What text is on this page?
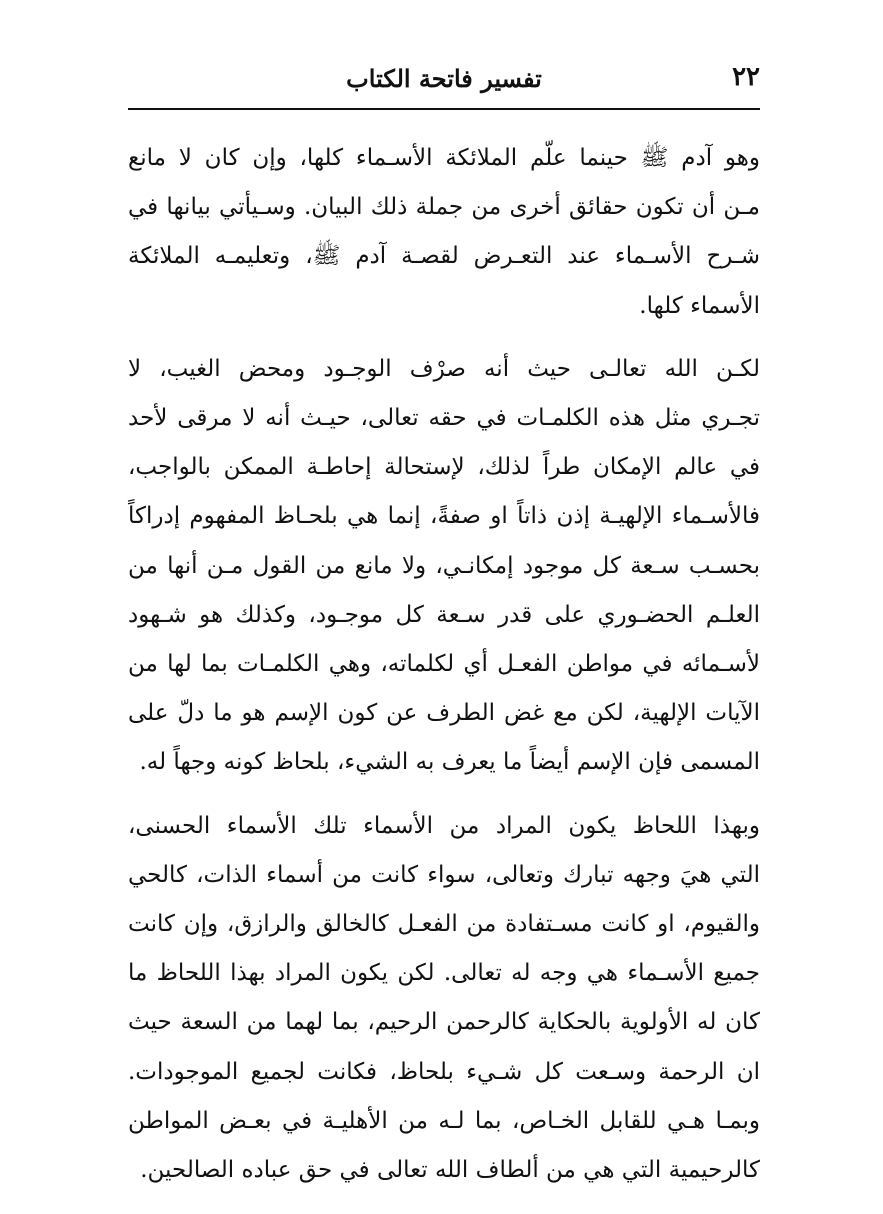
٢٢
تفسير فاتحة الكتاب

وهو آدم ﷺ حينما علّم الملائكة الأسـماء كلها، وإن كان لا مانع
مـن أن تكون حقائق أخرى من جملة ذلك البيان. وسـيأتي بيانها في
شـرح الأسـماء عند التعـرض لقصـة آدم ﷺ، وتعليمـه الملائكة
الأسماء كلها.

لكـن الله تعالـى حيث أنه صرْف الوجـود ومحض الغيب، لا
تجـري مثل هذه الكلمـات في حقه تعالى، حيـث أنه لا مرقى لأحد
في عالم الإمكان طراً لذلك، لإستحالة إحاطـة الممكن بالواجب،
فالأسـماء الإلهيـة إذن ذاتاً او صفةً، إنما هي بلحـاظ المفهوم إدراكاً
بحسـب سـعة كل موجود إمكانـي، ولا مانع من القول مـن أنها من
العلـم الحضـوري على قدر سـعة كل موجـود، وكذلك هو شـهود
لأسـمائه في مواطن الفعـل أي لكلماته، وهي الكلمـات بما لها من
الآيات الإلهية، لكن مع غض الطرف عن كون الإسم هو ما دلّ على
المسمى فإن الإسم أيضاً ما يعرف به الشيء، بلحاظ كونه وجهاً له.

وبهذا اللحاظ يكون المراد من الأسماء تلك الأسماء الحسنى،
التي هيَ وجهه تبارك وتعالى، سواء كانت من أسماء الذات، كالحي
والقيوم، او كانت مسـتفادة من الفعـل كالخالق والرازق، وإن كانت
جميع الأسـماء هي وجه له تعالى. لكن يكون المراد بهذا اللحاظ ما
كان له الأولوية بالحكاية كالرحمن الرحيم، بما لهما من السعة حيث
ان الرحمة وسـعت كل شـيء بلحاظ، فكانت لجميع الموجودات.
وبمـا هـي للقابل الخـاص، بما لـه من الأهليـة في بعـض المواطن
كالرحيمية التي هي من ألطاف الله تعالى في حق عباده الصالحين.
